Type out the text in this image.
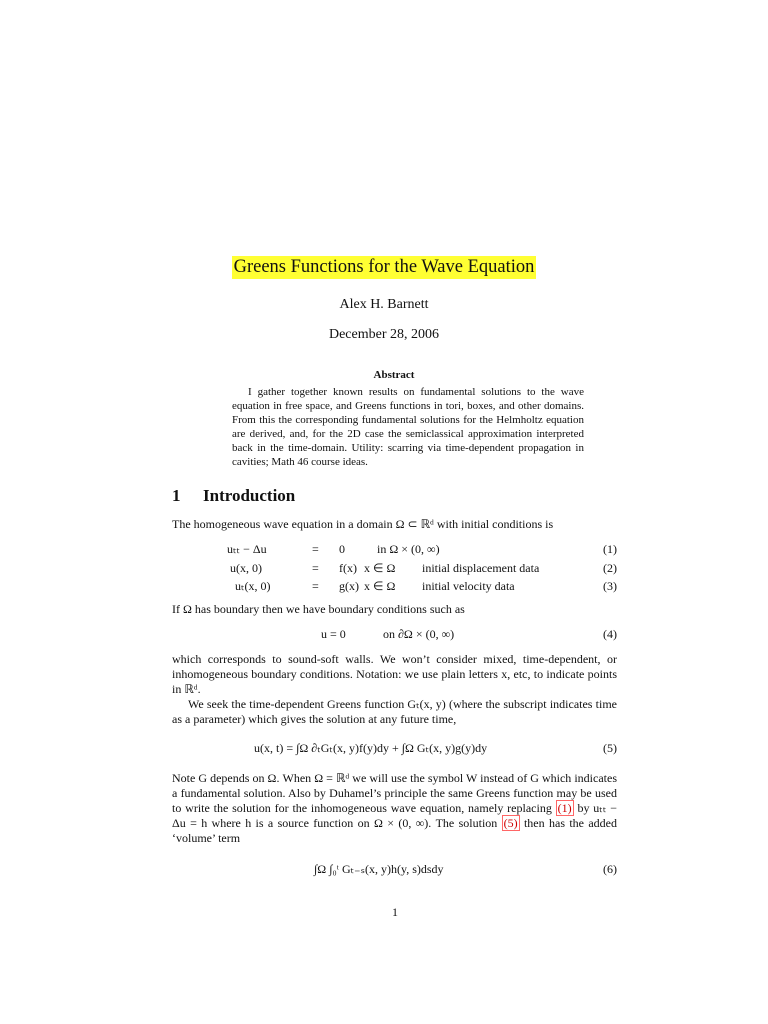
Greens Functions for the Wave Equation
Alex H. Barnett
December 28, 2006
Abstract
I gather together known results on fundamental solutions to the wave equation in free space, and Greens functions in tori, boxes, and other domains. From this the corresponding fundamental solutions for the Helmholtz equation are derived, and, for the 2D case the semiclassical approximation interpreted back in the time-domain. Utility: scarring via time-dependent propagation in cavities; Math 46 course ideas.
1 Introduction
The homogeneous wave equation in a domain Ω ⊂ ℝᵈ with initial conditions is
uₜₜ − Δu	= 0	in Ω × (0, ∞)	(1)
u(x, 0)	= f(x) x ∈ Ω initial displacement data	(2)
uₜ(x, 0)	= g(x) x ∈ Ω initial velocity data	(3)
If Ω has boundary then we have boundary conditions such as
u = 0	on ∂Ω × (0, ∞)	(4)
which corresponds to sound-soft walls. We won’t consider mixed, time-dependent, or inhomogeneous boundary conditions. Notation: we use plain letters x, etc, to indicate points in ℝᵈ.
We seek the time-dependent Greens function Gₜ(x, y) (where the subscript indicates time as a parameter) which gives the solution at any future time,
u(x, t) = ∫Ω ∂ₜGₜ(x, y)f(y)dy + ∫Ω Gₜ(x, y)g(y)dy	(5)
Note G depends on Ω. When Ω = ℝᵈ we will use the symbol W instead of G which indicates a fundamental solution. Also by Duhamel’s principle the same Greens function may be used to write the solution for the inhomogeneous wave equation, namely replacing (1) by uₜₜ − Δu = h where h is a source function on Ω × (0, ∞). The solution (5) then has the added ‘volume’ term
∫Ω ∫₀ᵗ Gₜ₋ₛ(x, y)h(y, s)dsdy	(6)
1
